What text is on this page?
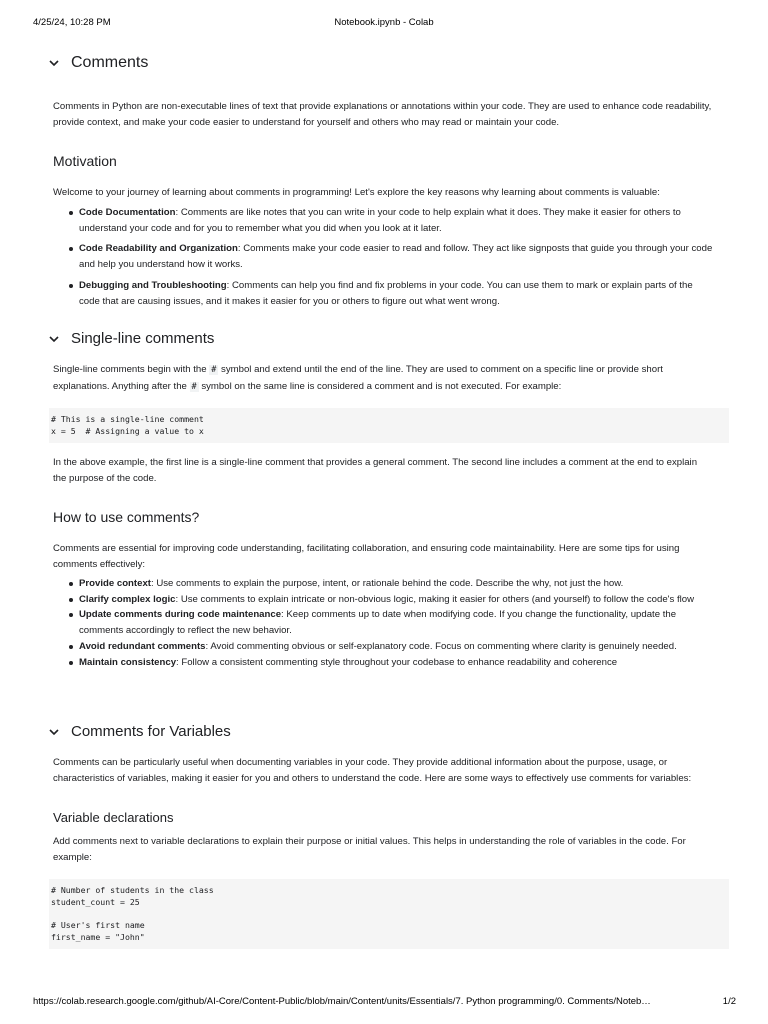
4/25/24, 10:28 PM	Notebook.ipynb - Colab
Comments

Comments in Python are non-executable lines of text that provide explanations or annotations within your code. They are used to enhance code readability, provide context, and make your code easier to understand for yourself and others who may read or maintain your code.

Motivation

Welcome to your journey of learning about comments in programming! Let's explore the key reasons why learning about comments is valuable:

Code Documentation: Comments are like notes that you can write in your code to help explain what it does. They make it easier for others to understand your code and for you to remember what you did when you look at it later.
Code Readability and Organization: Comments make your code easier to read and follow. They act like signposts that guide you through your code and help you understand how it works.
Debugging and Troubleshooting: Comments can help you find and fix problems in your code. You can use them to mark or explain parts of the code that are causing issues, and it makes it easier for you or others to figure out what went wrong.
Single-line comments

Single-line comments begin with the # symbol and extend until the end of the line. They are used to comment on a specific line or provide short explanations. Anything after the # symbol on the same line is considered a comment and is not executed. For example:

# This is a single-line comment
x = 5  # Assigning a value to x

In the above example, the first line is a single-line comment that provides a general comment. The second line includes a comment at the end to explain the purpose of the code.

How to use comments?

Comments are essential for improving code understanding, facilitating collaboration, and ensuring code maintainability. Here are some tips for using comments effectively:

Provide context: Use comments to explain the purpose, intent, or rationale behind the code. Describe the why, not just the how.
Clarify complex logic: Use comments to explain intricate or non-obvious logic, making it easier for others (and yourself) to follow the code's flow
Update comments during code maintenance: Keep comments up to date when modifying code. If you change the functionality, update the comments accordingly to reflect the new behavior.
Avoid redundant comments: Avoid commenting obvious or self-explanatory code. Focus on commenting where clarity is genuinely needed.
Maintain consistency: Follow a consistent commenting style throughout your codebase to enhance readability and coherence
Comments for Variables

Comments can be particularly useful when documenting variables in your code. They provide additional information about the purpose, usage, or characteristics of variables, making it easier for you and others to understand the code. Here are some ways to effectively use comments for variables:

Variable declarations

Add comments next to variable declarations to explain their purpose or initial values. This helps in understanding the role of variables in the code. For example:

# Number of students in the class
student_count = 25

# User's first name
first_name = "John"
https://colab.research.google.com/github/AI-Core/Content-Public/blob/main/Content/units/Essentials/7. Python programming/0. Comments/Noteb…	1/2
